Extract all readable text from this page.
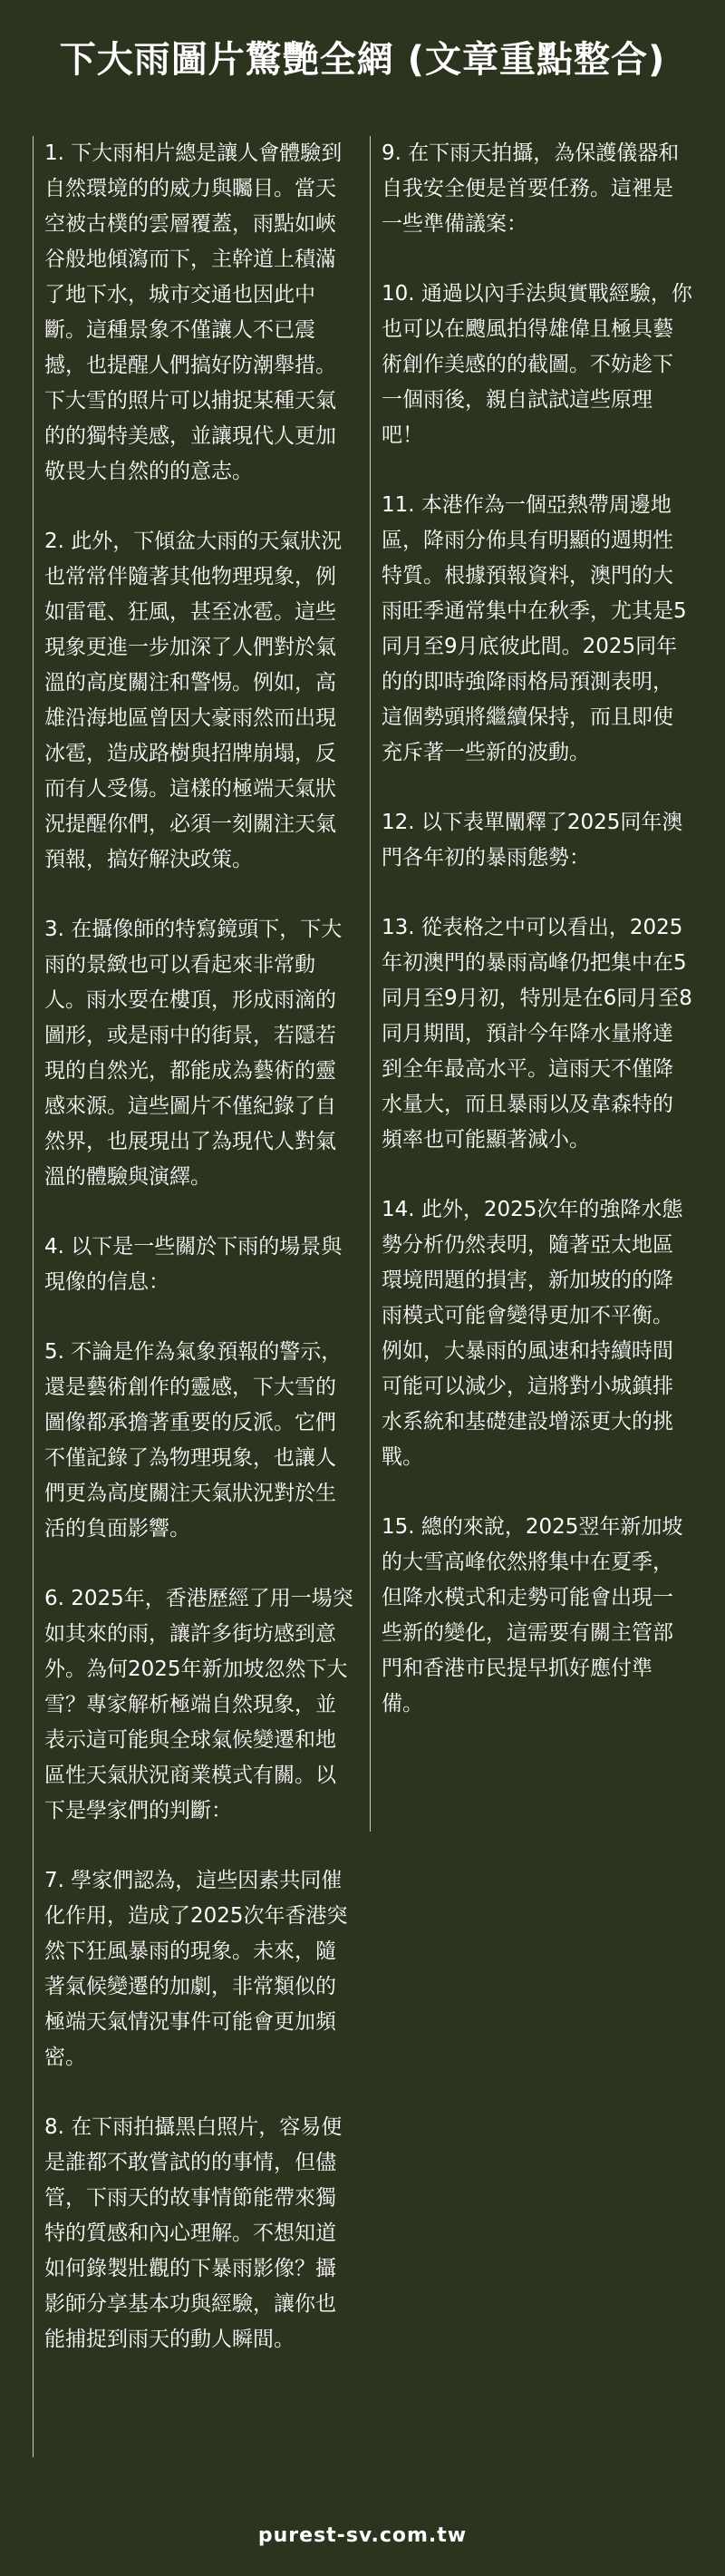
下大雨圖片驚艷全網 (文章重點整合)

1. 下大雨相片總是讓人會體驗到自然環境的的威力與矚目。當天空被古樸的雲層覆蓋，雨點如峽谷般地傾瀉而下，主幹道上積滿了地下水，城市交通也因此中斷。這種景象不僅讓人不已震撼，也提醒人們搞好防潮舉措。下大雪的照片可以捕捉某種天氣的的獨特美感，並讓現代人更加敬畏大自然的的意志。

2. 此外，下傾盆大雨的天氣狀況也常常伴隨著其他物理現象，例如雷電、狂風，甚至冰雹。這些現象更進一步加深了人們對於氣溫的高度關注和警惕。例如，高雄沿海地區曾因大豪雨然而出現冰雹，造成路樹與招牌崩塌，反而有人受傷。這樣的極端天氣狀況提醒你們，必須一刻關注天氣預報，搞好解決政策。

3. 在攝像師的特寫鏡頭下，下大雨的景緻也可以看起來非常動人。雨水耍在樓頂，形成雨滴的圖形，或是雨中的街景，若隱若現的自然光，都能成為藝術的靈感來源。這些圖片不僅紀錄了自然界，也展現出了為現代人對氣溫的體驗與演繹。

4. 以下是一些關於下雨的場景與現像的信息：

5. 不論是作為氣象預報的警示，還是藝術創作的靈感，下大雪的圖像都承擔著重要的反派。它們不僅記錄了為物理現象，也讓人們更為高度關注天氣狀況對於生活的負面影響。

6. 2025年，香港歷經了用一場突如其來的雨，讓許多街坊感到意外。為何2025年新加坡忽然下大雪？專家解析極端自然現象，並表示這可能與全球氣候變遷和地區性天氣狀況商業模式有關。以下是學家們的判斷：

7. 學家們認為，這些因素共同催化作用，造成了2025次年香港突然下狂風暴雨的現象。未來，隨著氣候變遷的加劇，非常類似的極端天氣情況事件可能會更加頻密。

8. 在下雨拍攝黑白照片，容易便是誰都不敢嘗試的的事情，但儘管，下雨天的故事情節能帶來獨特的質感和內心理解。不想知道如何錄製壯觀的下暴雨影像？攝影師分享基本功與經驗，讓你也能捕捉到雨天的動人瞬間。

9. 在下雨天拍攝，為保護儀器和自我安全便是首要任務。這裡是一些準備議案：

10. 通過以內手法與實戰經驗，你也可以在颼風拍得雄偉且極具藝術創作美感的的截圖。不妨趁下一個雨後，親自試試這些原理吧！

11. 本港作為一個亞熱帶周邊地區，降雨分佈具有明顯的週期性特質。根據預報資料，澳門的大雨旺季通常集中在秋季，尤其是5同月至9月底彼此間。2025同年的的即時強降雨格局預測表明，這個勢頭將繼續保持，而且即使充斥著一些新的波動。

12. 以下表單闡釋了2025同年澳門各年初的暴雨態勢：

13. 從表格之中可以看出，2025年初澳門的暴雨高峰仍把集中在5同月至9月初，特別是在6同月至8同月期間，預計今年降水量將達到全年最高水平。這雨天不僅降水量大，而且暴雨以及韋森特的頻率也可能顯著減小。

14. 此外，2025次年的強降水態勢分析仍然表明，隨著亞太地區環境問題的損害，新加坡的的降雨模式可能會變得更加不平衡。例如，大暴雨的風速和持續時間可能可以減少，這將對小城鎮排水系統和基礎建設增添更大的挑戰。

15. 總的來說，2025翌年新加坡的大雪高峰依然將集中在夏季，但降水模式和走勢可能會出現一些新的變化，這需要有關主管部門和香港市民提早抓好應付準備。

purest-sv.com.tw
